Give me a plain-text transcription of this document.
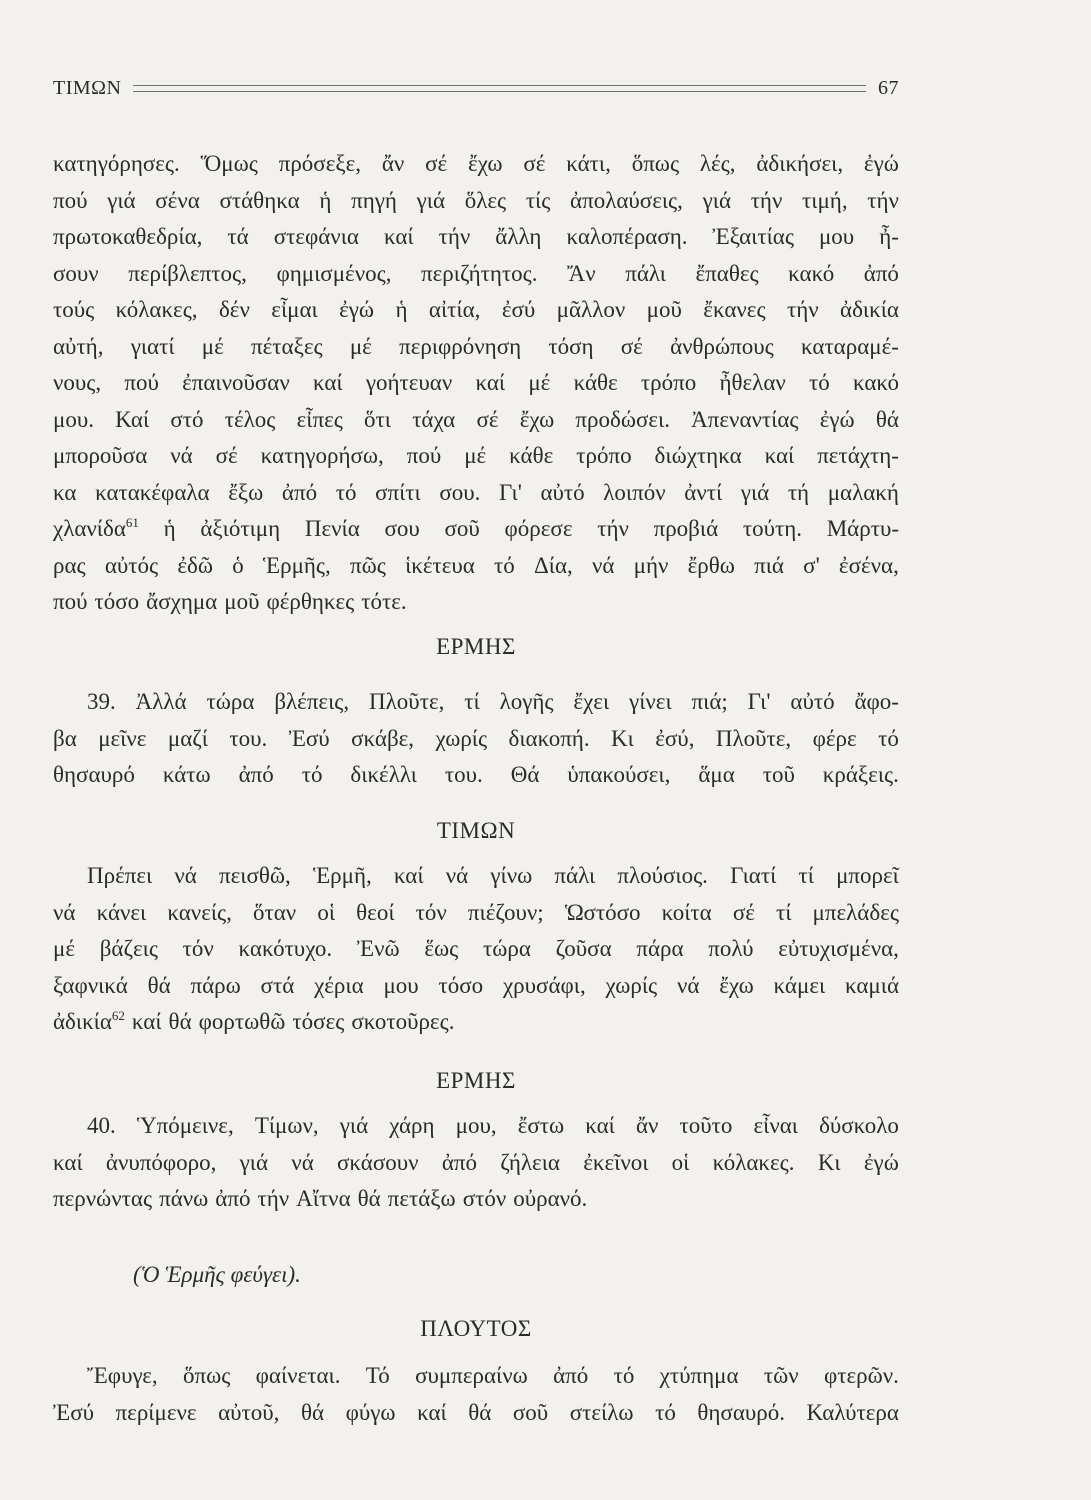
ΤΙΜΩΝ	67
κατηγόρησες. Ὅμως πρόσεξε, ἄν σέ ἔχω σέ κάτι, ὅπως λές, ἀδικήσει, ἐγώ
πού γιά σένα στάθηκα ἡ πηγή γιά ὅλες τίς ἀπολαύσεις, γιά τήν τιμή, τήν
πρωτοκαθεδρία, τά στεφάνια καί τήν ἄλλη καλοπέραση. Ἐξαιτίας μου ἦ-
σουν περίβλεπτος, φημισμένος, περιζήτητος. Ἄν πάλι ἔπαθες κακό ἀπό
τούς κόλακες, δέν εἶμαι ἐγώ ἡ αἰτία, ἐσύ μᾶλλον μοῦ ἔκανες τήν ἀδικία
αὐτή, γιατί μέ πέταξες μέ περιφρόνηση τόση σέ ἀνθρώπους καταραμέ-
νους, πού ἐπαινοῦσαν καί γοήτευαν καί μέ κάθε τρόπο ἦθελαν τό κακό
μου. Καί στό τέλος εἶπες ὅτι τάχα σέ ἔχω προδώσει. Ἀπεναντίας ἐγώ θά
μποροῦσα νά σέ κατηγορήσω, πού μέ κάθε τρόπο διώχτηκα καί πετάχτη-
κα κατακέφαλα ἔξω ἀπό τό σπίτι σου. Γι' αὐτό λοιπόν ἀντί γιά τή μαλακή
χλανίδα$^{61}$ ἡ ἀξιότιμη Πενία σου σοῦ φόρεσε τήν προβιά τούτη. Μάρτυ-
ρας αὐτός ἐδῶ ὁ Ἑρμῆς, πῶς ἱκέτευα τό Δία, νά μήν ἔρθω πιά σ' ἐσένα,
πού τόσο ἄσχημα μοῦ φέρθηκες τότε.
ΕΡΜΗΣ
39. Ἀλλά τώρα βλέπεις, Πλοῦτε, τί λογῆς ἔχει γίνει πιά; Γι' αὐτό ἄφο-
βα μεῖνε μαζί του. Ἐσύ σκάβε, χωρίς διακοπή. Κι ἐσύ, Πλοῦτε, φέρε τό
θησαυρό κάτω ἀπό τό δικέλλι του. Θά ὑπακούσει, ἅμα τοῦ κράξεις.
ΤΙΜΩΝ
Πρέπει νά πεισθῶ, Ἑρμῆ, καί νά γίνω πάλι πλούσιος. Γιατί τί μπορεῖ
νά κάνει κανείς, ὅταν οἱ θεοί τόν πιέζουν; Ὡστόσο κοίτα σέ τί μπελάδες
μέ βάζεις τόν κακότυχο. Ἐνῶ ἕως τώρα ζοῦσα πάρα πολύ εὐτυχισμένα,
ξαφνικά θά πάρω στά χέρια μου τόσο χρυσάφι, χωρίς νά ἔχω κάμει καμιά
ἀδικία$^{62}$ καί θά φορτωθῶ τόσες σκοτοῦρες.
ΕΡΜΗΣ
40. Ὑπόμεινε, Τίμων, γιά χάρη μου, ἔστω καί ἄν τοῦτο εἶναι δύσκολο
καί ἀνυπόφορο, γιά νά σκάσουν ἀπό ζήλεια ἐκεῖνοι οἱ κόλακες. Κι ἐγώ
περνώντας πάνω ἀπό τήν Αἴτνα θά πετάξω στόν οὐρανό.
(Ὁ Ἑρμῆς φεύγει).
ΠΛΟΥΤΟΣ
Ἔφυγε, ὅπως φαίνεται. Τό συμπεραίνω ἀπό τό χτύπημα τῶν φτερῶν.
Ἐσύ περίμενε αὐτοῦ, θά φύγω καί θά σοῦ στείλω τό θησαυρό. Καλύτερα
